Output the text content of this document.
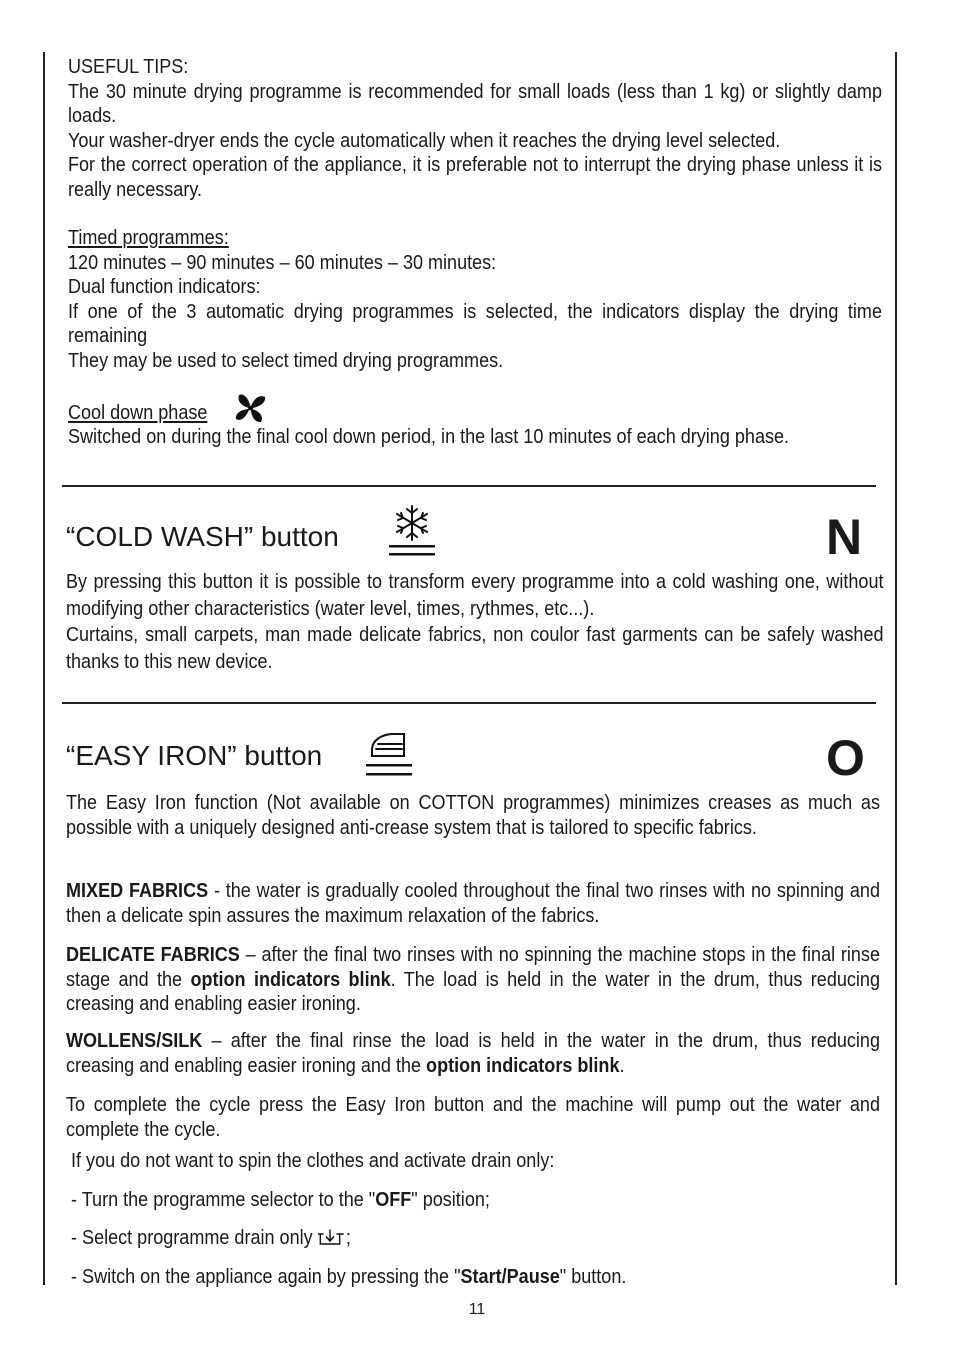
USEFUL TIPS:
The 30 minute drying programme is recommended for small loads (less than 1 kg) or slightly damp loads.
Your washer-dryer ends the cycle automatically when it reaches the drying level selected.
For the correct operation of the appliance, it is preferable not to interrupt the drying phase unless it is really necessary.
Timed programmes:
120 minutes – 90 minutes – 60 minutes – 30 minutes:
Dual function indicators:
If one of the 3 automatic drying programmes is selected, the indicators display the drying time remaining
They may be used to select timed drying programmes.
Cool down phase
Switched on during the final cool down period, in the last 10 minutes of each drying phase.
“COLD WASH” button	N
By pressing this button it is possible to transform every programme into a cold washing one, without modifying other characteristics (water level, times, rythmes, etc...).
Curtains, small carpets, man made delicate fabrics, non coulor fast garments can be safely washed thanks to this new device.
“EASY IRON” button	O
The Easy Iron function (Not available on COTTON programmes) minimizes creases as much as possible with a uniquely designed anti-crease system that is tailored to specific fabrics.
MIXED FABRICS - the water is gradually cooled throughout the final two rinses with no spinning and then a delicate spin assures the maximum relaxation of the fabrics.
DELICATE FABRICS – after the final two rinses with no spinning the machine stops in the final rinse stage and the option indicators blink. The load is held in the water in the drum, thus reducing creasing and enabling easier ironing.
WOLLENS/SILK – after the final rinse the load is held in the water in the drum, thus reducing creasing and enabling easier ironing and the option indicators blink.
To complete the cycle press the Easy Iron button and the machine will pump out the water and complete the cycle.
If you do not want to spin the clothes and activate drain only:
- Turn the programme selector to the "OFF" position;
- Select programme drain only ;
- Switch on the appliance again by pressing the "Start/Pause" button.
11
